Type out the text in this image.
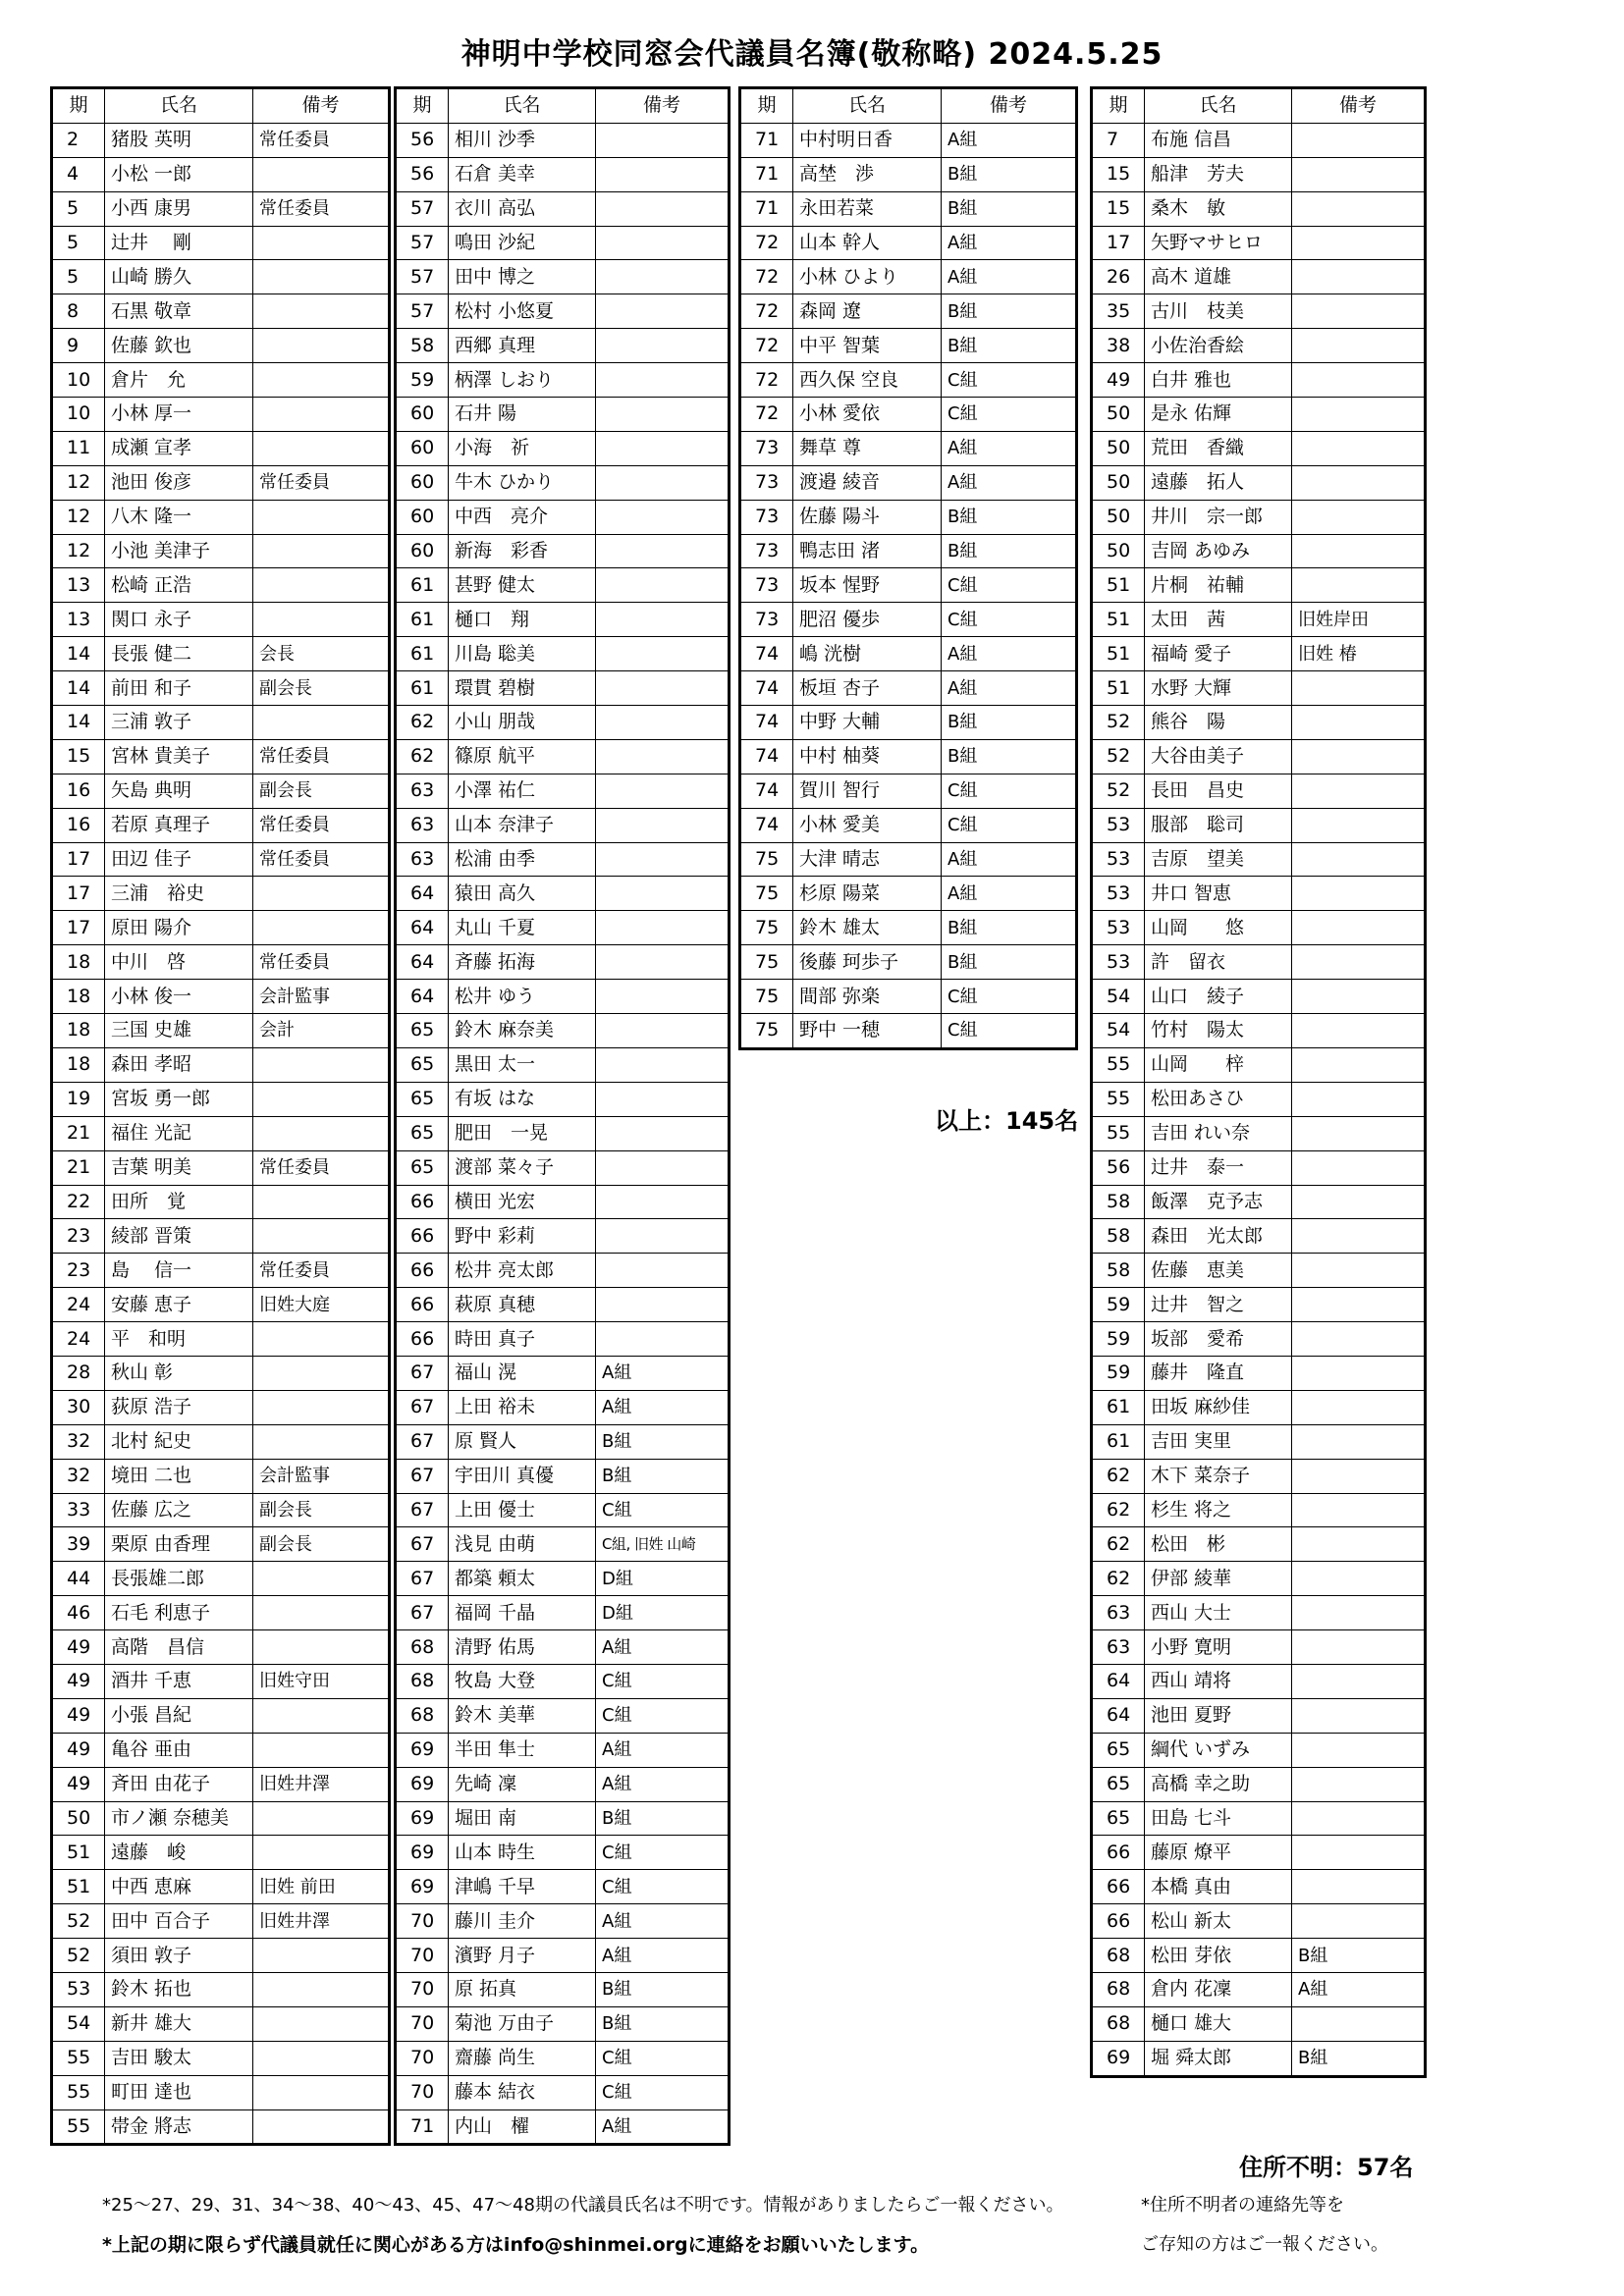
神明中学校同窓会代議員名簿(敬称略) 2024.5.25
期	氏名	備考
2	猪股 英明	常任委員
4	小松 一郎	
5	小西 康男	常任委員
5	辻井　 剛	
5	山崎 勝久	
8	石黒 敬章	
9	佐藤 欽也	
10	倉片　允	
10	小林 厚一	
11	成瀬 宣孝	
12	池田 俊彦	常任委員
12	八木 隆一	
12	小池 美津子	
13	松崎 正浩	
13	関口 永子	
14	長張 健二	会長
14	前田 和子	副会長
14	三浦 敦子	
15	宮林 貴美子	常任委員
16	矢島 典明	副会長
16	若原 真理子	常任委員
17	田辺 佳子	常任委員
17	三浦　裕史	
17	原田 陽介	
18	中川　啓	常任委員
18	小林 俊一	会計監事
18	三国 史雄	会計
18	森田 孝昭	
19	宮坂 勇一郎	
21	福住 光記	
21	吉葉 明美	常任委員
22	田所　覚	
23	綾部 晋策	
23	島　 信一	常任委員
24	安藤 恵子	旧姓大庭
24	平　和明	
28	秋山 彰	
30	荻原 浩子	
32	北村 紀史	
32	境田 二也	会計監事
33	佐藤 広之	副会長
39	栗原 由香理	副会長
44	長張雄二郎	
46	石毛 利恵子	
49	高階　昌信	
49	酒井 千恵	旧姓守田
49	小張 昌紀	
49	亀谷 亜由	
49	斉田 由花子	旧姓井澤
50	市ノ瀬 奈穂美	
51	遠藤　峻	
51	中西 恵麻	旧姓 前田
52	田中 百合子	旧姓井澤
52	須田 敦子	
53	鈴木 拓也	
54	新井 雄大	
55	吉田 駿太	
55	町田 達也	
55	帯金 將志	
期	氏名	備考
56	相川 沙季	
56	石倉 美幸	
57	衣川 高弘	
57	鳴田 沙紀	
57	田中 博之	
57	松村 小悠夏	
58	西郷 真理	
59	柄澤 しおり	
60	石井 陽	
60	小海　祈	
60	牛木 ひかり	
60	中西　亮介	
60	新海　彩香	
61	甚野 健太	
61	樋口　翔	
61	川島 聡美	
61	環貫 碧樹	
62	小山 朋哉	
62	篠原 航平	
63	小澤 祐仁	
63	山本 奈津子	
63	松浦 由季	
64	猿田 高久	
64	丸山 千夏	
64	斉藤 拓海	
64	松井 ゆう	
65	鈴木 麻奈美	
65	黒田 太一	
65	有坂 はな	
65	肥田　一晃	
65	渡部 菜々子	
66	横田 光宏	
66	野中 彩莉	
66	松井 亮太郎	
66	萩原 真穂	
66	時田 真子	
67	福山 滉	A組
67	上田 裕未	A組
67	原 賢人	B組
67	宇田川 真優	B組
67	上田 優士	C組
67	浅見 由萌	C組, 旧姓 山崎
67	都築 頼太	D組
67	福岡 千晶	D組
68	清野 佑馬	A組
68	牧島 大登	C組
68	鈴木 美華	C組
69	半田 隼士	A組
69	先崎 凜	A組
69	堀田 南	B組
69	山本 時生	C組
69	津嶋 千早	C組
70	藤川 圭介	A組
70	濱野 月子	A組
70	原 拓真	B組
70	菊池 万由子	B組
70	齋藤 尚生	C組
70	藤本 結衣	C組
71	内山　櫂	A組
期	氏名	備考
71	中村明日香	A組
71	高埜　渉	B組
71	永田若菜	B組
72	山本 幹人	A組
72	小林 ひより	A組
72	森岡 遼	B組
72	中平 智葉	B組
72	西久保 空良	C組
72	小林 愛依	C組
73	舞草 尊	A組
73	渡邉 綾音	A組
73	佐藤 陽斗	B組
73	鴨志田 渚	B組
73	坂本 惺野	C組
73	肥沼 優歩	C組
74	嶋 洸樹	A組
74	板垣 杏子	A組
74	中野 大輔	B組
74	中村 柚葵	B組
74	賀川 智行	C組
74	小林 愛美	C組
75	大津 晴志	A組
75	杉原 陽菜	A組
75	鈴木 雄太	B組
75	後藤 珂歩子	B組
75	間部 弥楽	C組
75	野中 一穂	C組
期	氏名	備考
7	布施 信昌	
15	船津　芳夫	
15	桑木　敏	
17	矢野マサヒロ	
26	高木 道雄	
35	古川　枝美	
38	小佐治香絵	
49	白井 雅也	
50	是永 佑輝	
50	荒田　香織	
50	遠藤　拓人	
50	井川　宗一郎	
50	吉岡 あゆみ	
51	片桐　祐輔	
51	太田　茜	旧姓岸田
51	福崎 愛子	旧姓 椿
51	水野 大輝	
52	熊谷　陽	
52	大谷由美子	
52	長田　昌史	
53	服部　聡司	
53	吉原　望美	
53	井口 智恵	
53	山岡　　悠	
53	許　留衣	
54	山口　綾子	
54	竹村　陽太	
55	山岡　　梓	
55	松田あさひ	
55	吉田 れい奈	
56	辻井　泰一	
58	飯澤　克予志	
58	森田　光太郎	
58	佐藤　恵美	
59	辻井　智之	
59	坂部　愛希	
59	藤井　隆直	
61	田坂 麻紗佳	
61	吉田 実里	
62	木下 菜奈子	
62	杉生 将之	
62	松田　彬	
62	伊部 綾華	
63	西山 大士	
63	小野 寛明	
64	西山 靖将	
64	池田 夏野	
65	綱代 いずみ	
65	高橋 幸之助	
65	田島 七斗	
66	藤原 燎平	
66	本橋 真由	
66	松山 新太	
68	松田 芽依	B組
68	倉内 花凜	A組
68	樋口 雄大	
69	堀 舜太郎	B組
以上：145名
住所不明：57名
*25～27、29、31、34～38、40～43、45、47～48期の代議員氏名は不明です。情報がありましたらご一報ください。	*住所不明者の連絡先等を
*上記の期に限らず代議員就任に関心がある方はinfo@shinmei.orgに連絡をお願いいたします。	ご存知の方はご一報ください。
